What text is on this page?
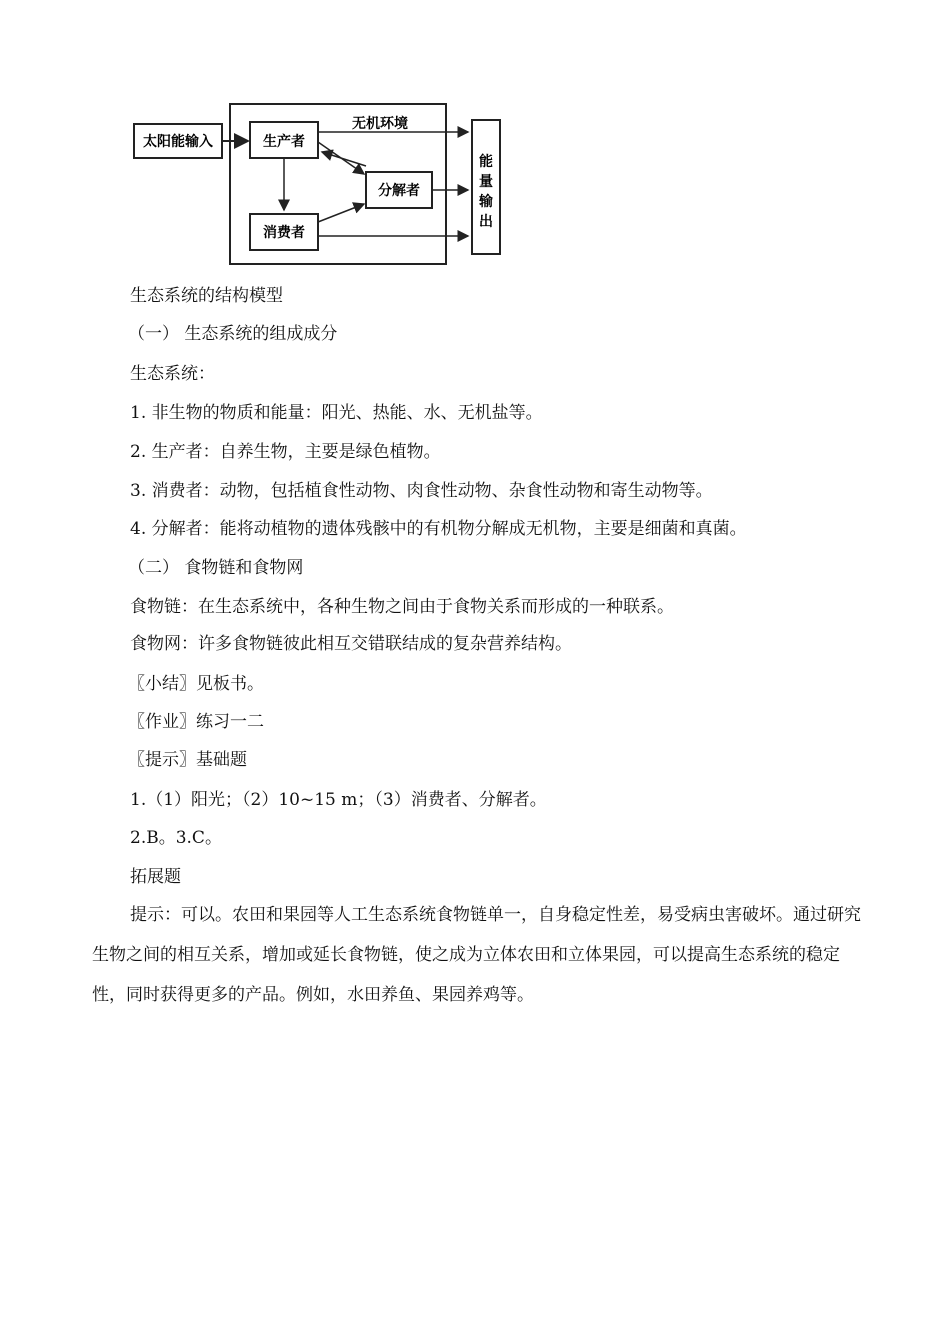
太阳能输入	生产者
无机环境
分解者
消费者
能
量
输
出
生态系统的结构模型
（一） 生态系统的组成成分
生态系统：
1. 非生物的物质和能量：阳光、热能、水、无机盐等。
2. 生产者：自养生物，主要是绿色植物。
3. 消费者：动物，包括植食性动物、肉食性动物、杂食性动物和寄生动物等。
4. 分解者：能将动植物的遗体残骸中的有机物分解成无机物，主要是细菌和真菌。
（二） 食物链和食物网
食物链：在生态系统中，各种生物之间由于食物关系而形成的一种联系。
食物网：许多食物链彼此相互交错联结成的复杂营养结构。
〖小结〗见板书。
〖作业〗练习一二
〖提示〗基础题
1.（1）阳光；（2）10~15 m；（3）消费者、分解者。
2.B。3.C。
拓展题
提示：可以。农田和果园等人工生态系统食物链单一，自身稳定性差，易受病虫害破坏。通过研究生物之间的相互关系，增加或延长食物链，使之成为立体农田和立体果园，可以提高生态系统的稳定性，同时获得更多的产品。例如，水田养鱼、果园养鸡等。
